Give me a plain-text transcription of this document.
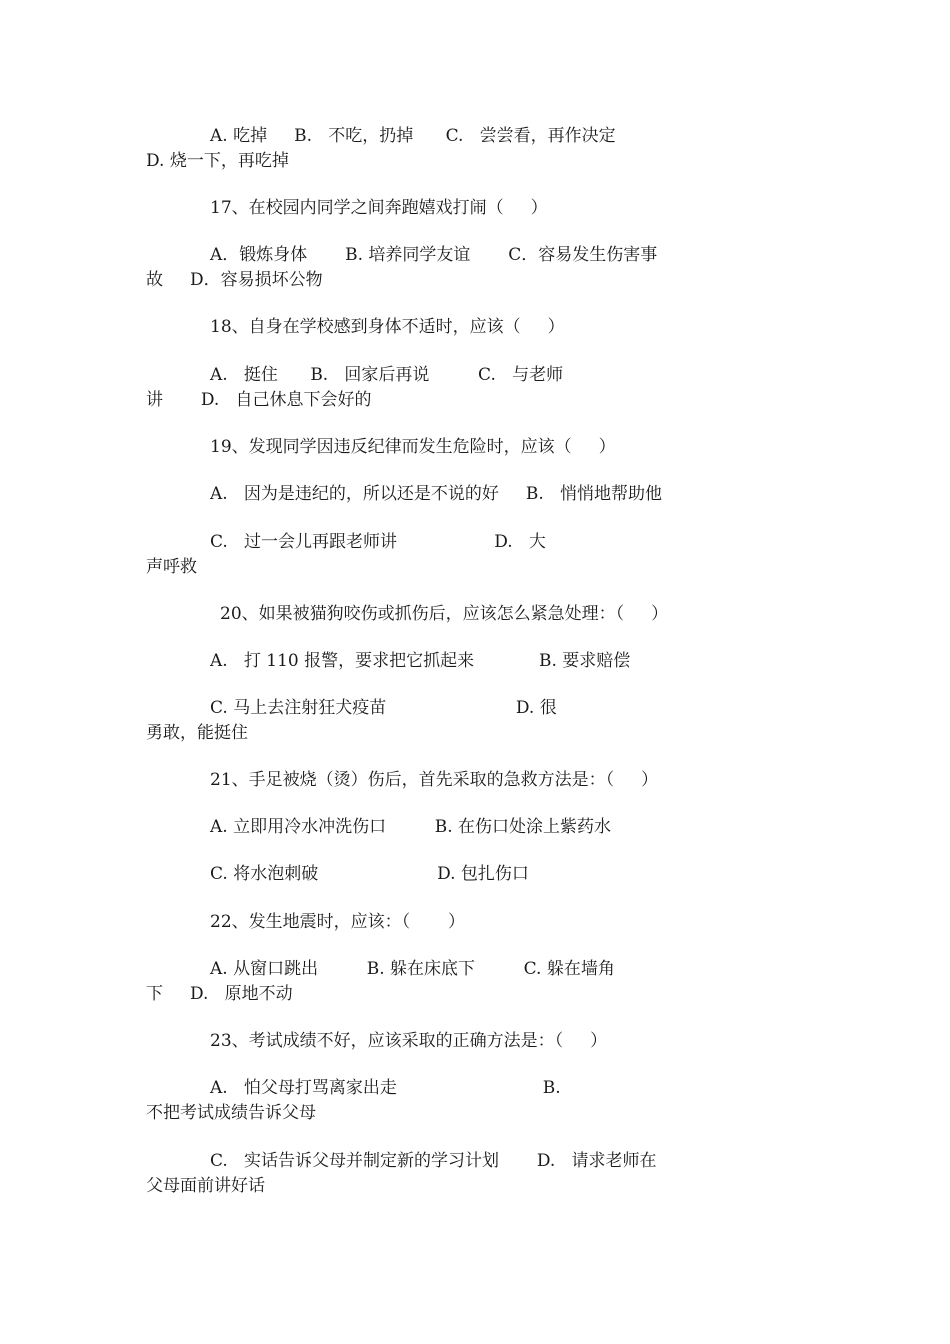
A. 吃掉     B.   不吃，扔掉      C.   尝尝看，再作决定

D. 烧一下，再吃掉

17、在校园内同学之间奔跑嬉戏打闹（     ）

A．锻炼身体       B. 培养同学友谊       C．容易发生伤害事

故     D．容易损坏公物

18、自身在学校感到身体不适时，应该（     ）

A.   挺住      B.   回家后再说         C.   与老师

讲       D.   自己休息下会好的

19、发现同学因违反纪律而发生危险时，应该（     ）

A.   因为是违纪的，所以还是不说的好     B.   悄悄地帮助他

C.   过一会儿再跟老师讲                  D.   大

声呼救

20、如果被猫狗咬伤或抓伤后，应该怎么紧急处理：（     ）

A.   打 110 报警，要求把它抓起来            B. 要求赔偿

C. 马上去注射狂犬疫苗                        D. 很

勇敢，能挺住

21、手足被烧（烫）伤后，首先采取的急救方法是：（     ）

A. 立即用冷水冲洗伤口         B. 在伤口处涂上紫药水

C. 将水泡刺破                      D. 包扎伤口

22、发生地震时，应该：（       ）

A. 从窗口跳出         B. 躲在床底下         C. 躲在墙角

下     D.   原地不动

23、考试成绩不好，应该采取的正确方法是：（     ）

A.   怕父母打骂离家出走                           B.

不把考试成绩告诉父母

C.   实话告诉父母并制定新的学习计划       D.   请求老师在

父母面前讲好话
